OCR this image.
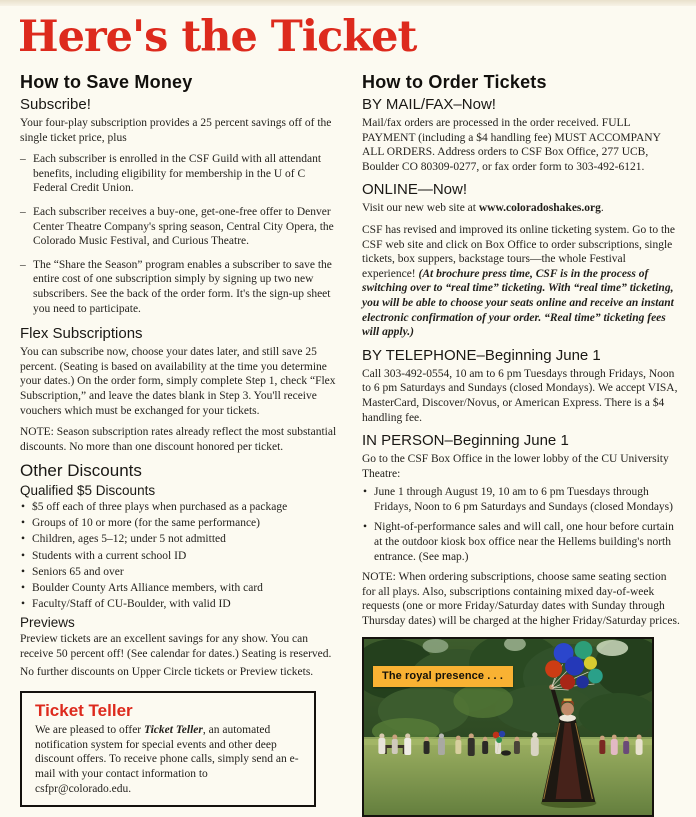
Here's the Ticket
How to Save Money
Subscribe!

Your four-play subscription provides a 25 percent savings off of the single ticket price, plus

– Each subscriber is enrolled in the CSF Guild with all attendant benefits, including eligibility for membership in the U of C Federal Credit Union.
– Each subscriber receives a buy-one, get-one-free offer to Denver Center Theatre Company's spring season, Central City Opera, the Colorado Music Festival, and Curious Theatre.
– The “Share the Season” program enables a subscriber to save the entire cost of one subscription simply by signing up two new subscribers. See the back of the order form. It's the sign-up sheet you need to participate.
Flex Subscriptions

You can subscribe now, choose your dates later, and still save 25 percent. (Seating is based on availability at the time you determine your dates.) On the order form, simply complete Step 1, check “Flex Subscription,” and leave the dates blank in Step 3. You'll receive vouchers which must be exchanged for your tickets.

NOTE: Season subscription rates already reflect the most substantial discounts. No more than one discount honored per ticket.

Other Discounts
Qualified $5 Discounts
• $5 off each of three plays when purchased as a package
• Groups of 10 or more (for the same performance)
• Children, ages 5–12; under 5 not admitted
• Students with a current school ID
• Seniors 65 and over
• Boulder County Arts Alliance members, with card
• Faculty/Staff of CU-Boulder, with valid ID
Previews

Preview tickets are an excellent savings for any show. You can receive 50 percent off! (See calendar for dates.) Seating is reserved.

No further discounts on Upper Circle tickets or Preview tickets.

Ticket Teller

We are pleased to offer Ticket Teller, an automated notification system for special events and other deep discount offers. To receive phone calls, simply send an e-mail with your contact information to csfpr@colorado.edu.

How to Order Tickets
BY MAIL/FAX–Now!

Mail/fax orders are processed in the order received. FULL PAYMENT (including a $4 handling fee) MUST ACCOMPANY ALL ORDERS. Address orders to CSF Box Office, 277 UCB, Boulder CO 80309-0277, or fax order form to 303-492-6121.

ONLINE—Now!

Visit our new web site at www.coloradoshakes.org.

CSF has revised and improved its online ticketing system. Go to the CSF web site and click on Box Office to order subscriptions, single tickets, box suppers, backstage tours—the whole Festival experience! (At brochure press time, CSF is in the process of switching over to “real time” ticketing. With “real time” ticketing, you will be able to choose your seats online and receive an instant electronic confirmation of your order. “Real time” ticketing fees will apply.)

BY TELEPHONE–Beginning June 1

Call 303-492-0554, 10 am to 6 pm Tuesdays through Fridays, Noon to 6 pm Saturdays and Sundays (closed Mondays). We accept VISA, MasterCard, Discover/Novus, or American Express. There is a $4 handling fee.

IN PERSON–Beginning June 1

Go to the CSF Box Office in the lower lobby of the CU University Theatre:

• June 1 through August 19, 10 am to 6 pm Tuesdays through Fridays, Noon to 6 pm Saturdays and Sundays (closed Mondays)
• Night-of-performance sales and will call, one hour before curtain at the outdoor kiosk box office near the Hellems building's north entrance. (See map.)

NOTE: When ordering subscriptions, choose same seating section for all plays. Also, subscriptions containing mixed day-of-week requests (one or more Friday/Saturday dates with Sunday through Thursday dates) will be charged at the higher Friday/Saturday prices.

The royal presence . . .
